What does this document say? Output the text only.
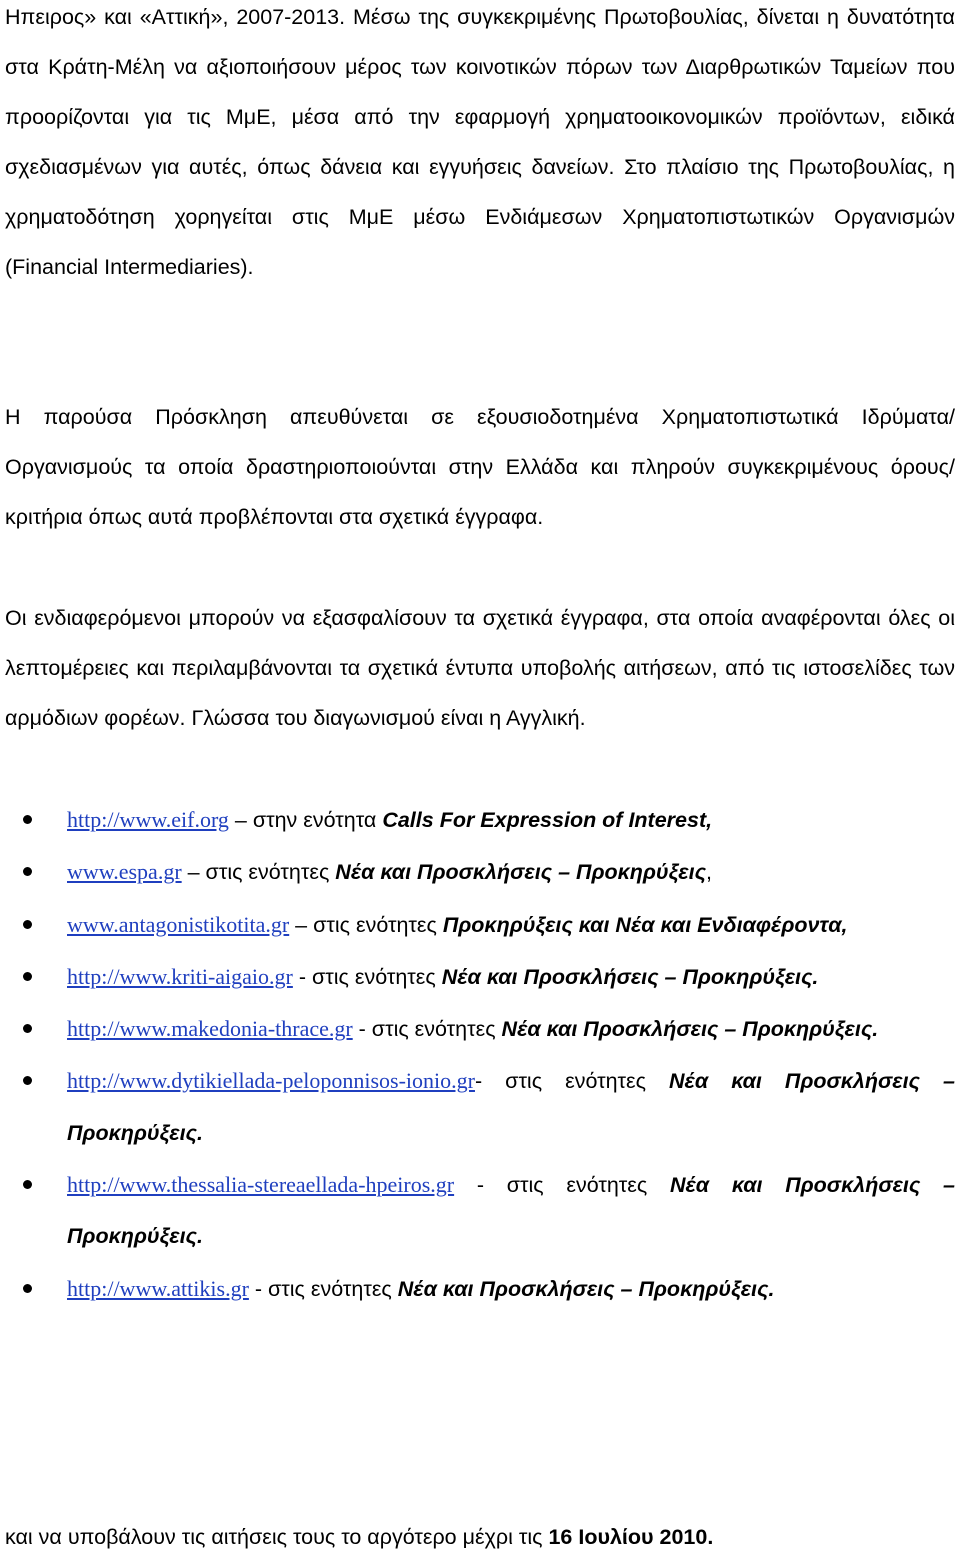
Ηπειρος» και «Αττική», 2007-2013. Μέσω της συγκεκριμένης Πρωτοβουλίας, δίνεται η δυνατότητα στα Κράτη-Μέλη να αξιοποιήσουν μέρος των κοινοτικών πόρων των Διαρθρωτικών Ταμείων που προορίζονται για τις ΜμΕ, μέσα από την εφαρμογή χρηματοοικονομικών προϊόντων, ειδικά σχεδιασμένων για αυτές, όπως δάνεια και εγγυήσεις δανείων. Στο πλαίσιο της Πρωτοβουλίας, η χρηματοδότηση χορηγείται στις ΜμΕ μέσω Ενδιάμεσων Χρηματοπιστωτικών Οργανισμών (Financial Intermediaries).

Η παρούσα Πρόσκληση απευθύνεται σε εξουσιοδοτημένα Χρηματοπιστωτικά Ιδρύματα/Οργανισμούς τα οποία δραστηριοποιούνται στην Ελλάδα και πληρούν συγκεκριμένους όρους/κριτήρια όπως αυτά προβλέπονται στα σχετικά έγγραφα.

Οι ενδιαφερόμενοι μπορούν να εξασφαλίσουν τα σχετικά έγγραφα, στα οποία αναφέρονται όλες οι λεπτομέρειες και περιλαμβάνονται τα σχετικά έντυπα υποβολής αιτήσεων, από τις ιστοσελίδες των αρμόδιων φορέων. Γλώσσα του διαγωνισμού είναι η Αγγλική.

http://www.eif.org – στην ενότητα Calls For Expression of Interest,
www.espa.gr – στις ενότητες Νέα και Προσκλήσεις – Προκηρύξεις,
www.antagonistikotita.gr – στις ενότητες Προκηρύξεις και Νέα και Ενδιαφέροντα,
http://www.kriti-aigaio.gr - στις ενότητες Νέα και Προσκλήσεις – Προκηρύξεις.
http://www.makedonia-thrace.gr - στις ενότητες Νέα και Προσκλήσεις – Προκηρύξεις.
http://www.dytikiellada-peloponnisos-ionio.gr- στις ενότητες Νέα και Προσκλήσεις – Προκηρύξεις.
http://www.thessalia-stereaellada-hpeiros.gr - στις ενότητες Νέα και Προσκλήσεις – Προκηρύξεις.
http://www.attikis.gr - στις ενότητες Νέα και Προσκλήσεις – Προκηρύξεις.
και να υποβάλουν τις αιτήσεις τους το αργότερο μέχρι τις 16 Ιουλίου 2010.
